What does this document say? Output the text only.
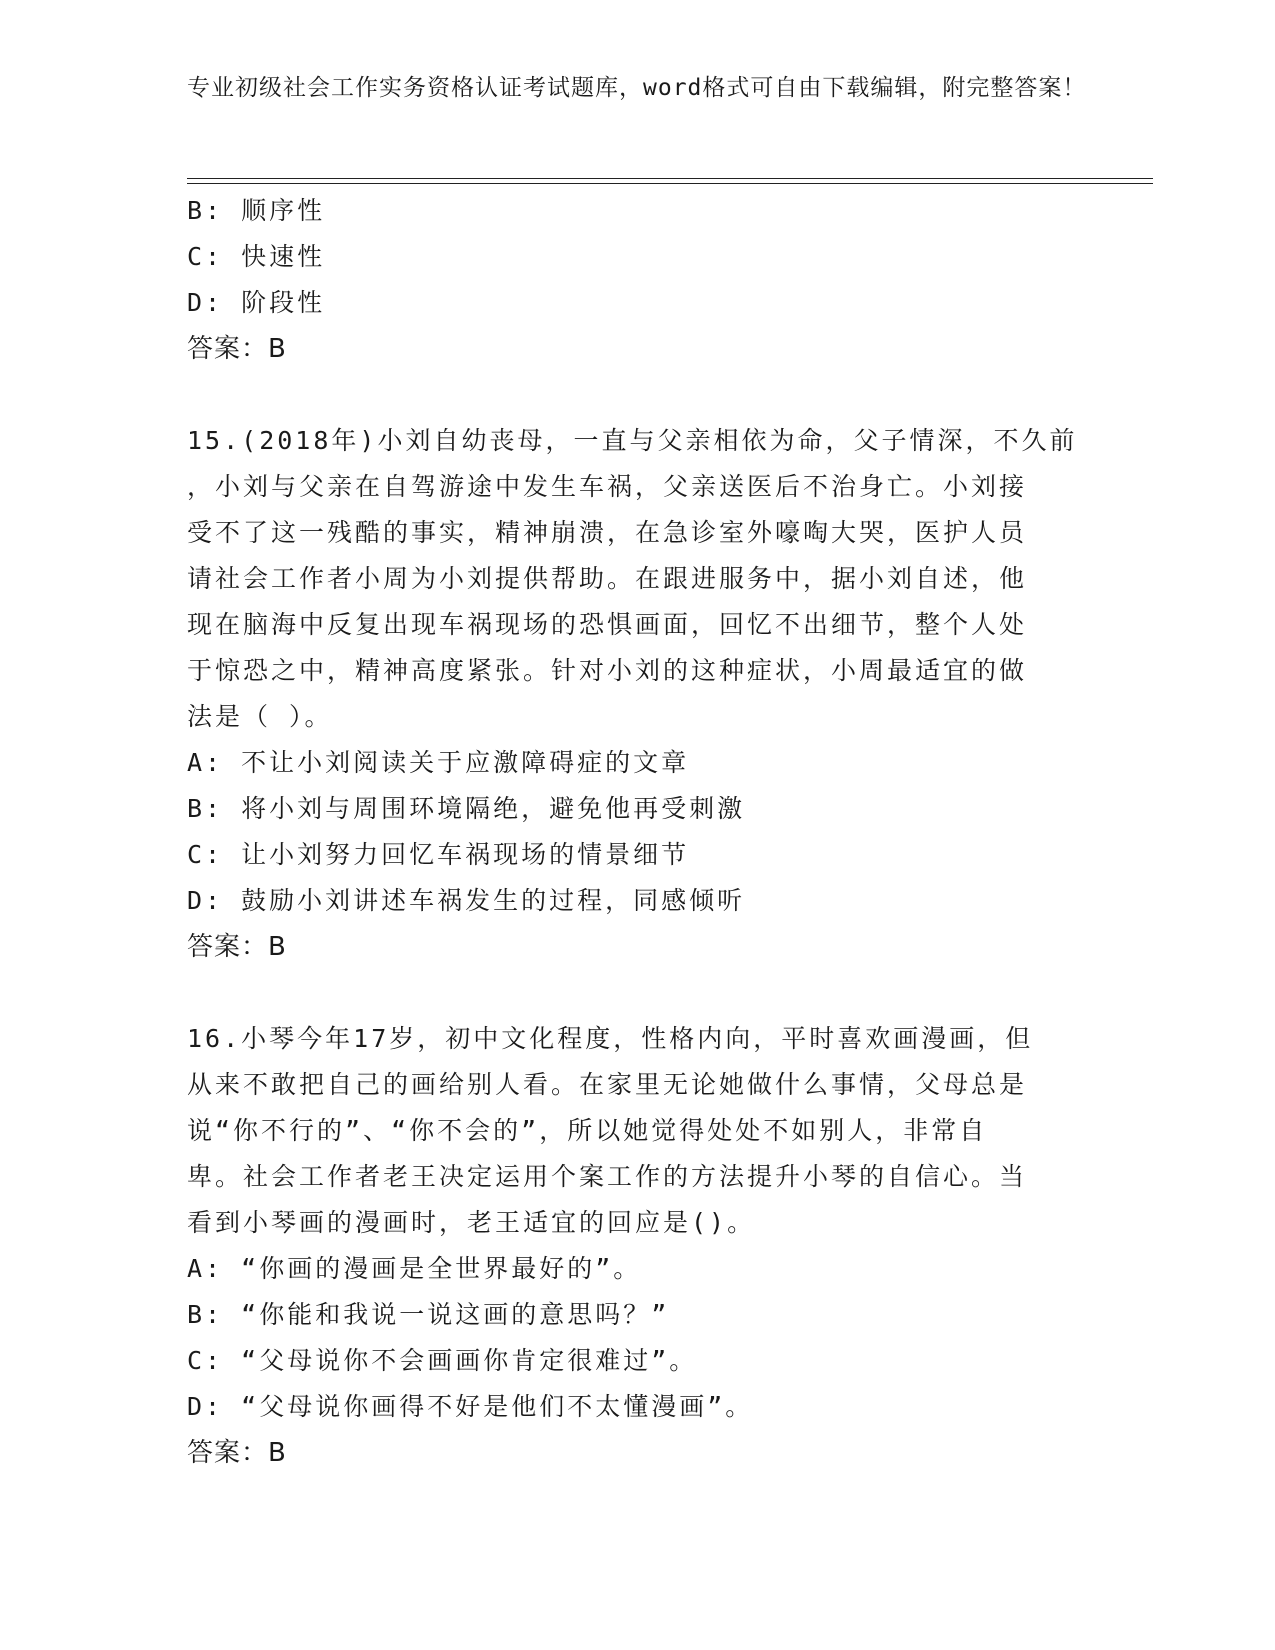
专业初级社会工作实务资格认证考试题库，word格式可自由下载编辑，附完整答案！
B: 顺序性
C: 快速性
D: 阶段性
答案：B
15.(2018年)小刘自幼丧母，一直与父亲相依为命，父子情深，不久前
，小刘与父亲在自驾游途中发生车祸，父亲送医后不治身亡。小刘接
受不了这一残酷的事实，精神崩溃，在急诊室外嚎啕大哭，医护人员
请社会工作者小周为小刘提供帮助。在跟进服务中，据小刘自述，他
现在脑海中反复出现车祸现场的恐惧画面，回忆不出细节，整个人处
于惊恐之中，精神高度紧张。针对小刘的这种症状，小周最适宜的做
法是（ ）。
A: 不让小刘阅读关于应激障碍症的文章
B: 将小刘与周围环境隔绝，避免他再受刺激
C: 让小刘努力回忆车祸现场的情景细节
D: 鼓励小刘讲述车祸发生的过程，同感倾听
答案：B
16.小琴今年17岁，初中文化程度，性格内向，平时喜欢画漫画，但
从来不敢把自己的画给别人看。在家里无论她做什么事情，父母总是
说“你不行的”、“你不会的”，所以她觉得处处不如别人，非常自
卑。社会工作者老王决定运用个案工作的方法提升小琴的自信心。当
看到小琴画的漫画时，老王适宜的回应是()。
A: “你画的漫画是全世界最好的”。
B: “你能和我说一说这画的意思吗？”
C: “父母说你不会画画你肯定很难过”。
D: “父母说你画得不好是他们不太懂漫画”。
答案：B
